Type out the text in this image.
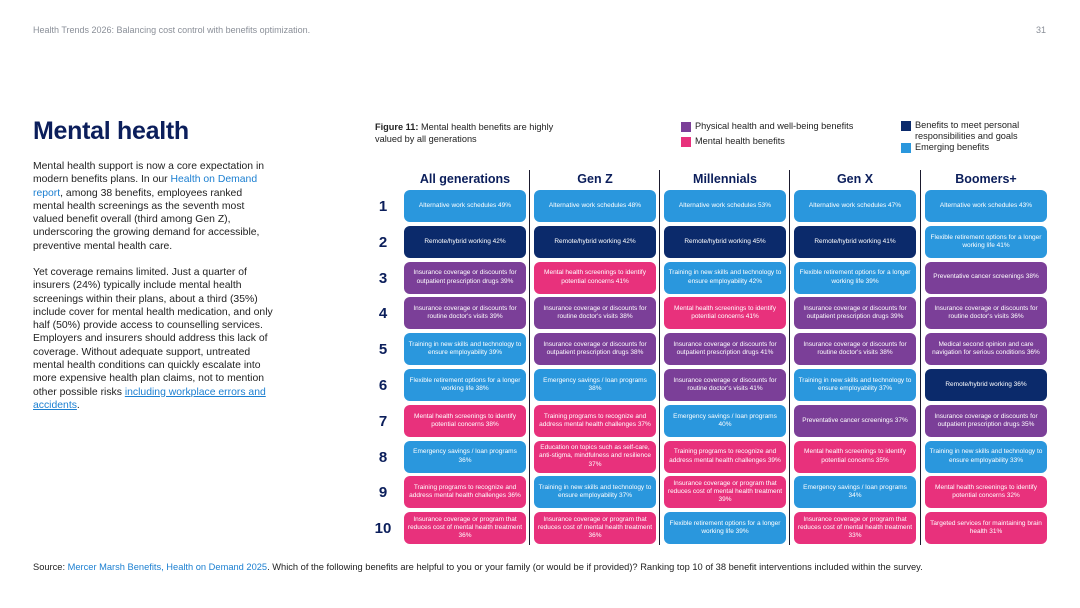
Health Trends 2026: Balancing cost control with benefits optimization.	31
Mental health
Mental health support is now a core expectation in modern benefits plans. In our Health on Demand report, among 38 benefits, employees ranked mental health screenings as the seventh most valued benefit overall (third among Gen Z), underscoring the growing demand for accessible, preventive mental health care.
Yet coverage remains limited. Just a quarter of insurers (24%) typically include mental health screenings within their plans, about a third (35%) include cover for mental health medication, and only half (50%) provide access to counselling services. Employers and insurers should address this lack of coverage. Without adequate support, untreated mental health conditions can quickly escalate into more expensive health plan claims, not to mention other possible risks including workplace errors and accidents.
Figure 11: Mental health benefits are highly valued by all generations
Physical health and well-being benefits
Mental health benefits
Benefits to meet personal responsibilities and goals
Emerging benefits
1
2
3
4
5
6
7
8
9
10
All generations
Alternative work schedules 49%
Remote/hybrid working 42%
Insurance coverage or discounts for outpatient prescription drugs 39%
Insurance coverage or discounts for routine doctor's visits 39%
Training in new skills and technology to ensure employability 39%
Flexible retirement options for a longer working life 38%
Mental health screenings to identify potential concerns 38%
Emergency savings / loan programs 36%
Training programs to recognize and address mental health challenges 36%
Insurance coverage or program that reduces cost of mental health treatment 36%
Gen Z
Alternative work schedules 48%
Remote/hybrid working 42%
Mental health screenings to identify potential concerns 41%
Insurance coverage or discounts for routine doctor's visits 38%
Insurance coverage or discounts for outpatient prescription drugs 38%
Emergency savings / loan programs 38%
Training programs to recognize and address mental health challenges 37%
Education on topics such as self-care, anti-stigma, mindfulness and resilience 37%
Training in new skills and technology to ensure employability 37%
Insurance coverage or program that reduces cost of mental health treatment 36%
Millennials
Alternative work schedules 53%
Remote/hybrid working 45%
Training in new skills and technology to ensure employability 42%
Mental health screenings to identify potential concerns 41%
Insurance coverage or discounts for outpatient prescription drugs 41%
Insurance coverage or discounts for routine doctor's visits 41%
Emergency savings / loan programs 40%
Training programs to recognize and address mental health challenges 39%
Insurance coverage or program that reduces cost of mental health treatment 39%
Flexible retirement options for a longer working life 39%
Gen X
Alternative work schedules 47%
Remote/hybrid working 41%
Flexible retirement options for a longer working life 39%
Insurance coverage or discounts for outpatient prescription drugs 39%
Insurance coverage or discounts for routine doctor's visits 38%
Training in new skills and technology to ensure employability 37%
Preventative cancer screenings 37%
Mental health screenings to identify potential concerns 35%
Emergency savings / loan programs 34%
Insurance coverage or program that reduces cost of mental health treatment 33%
Boomers+
Alternative work schedules 43%
Flexible retirement options for a longer working life 41%
Preventative cancer screenings 38%
Insurance coverage or discounts for routine doctor's visits 36%
Medical second opinion and care navigation for serious conditions 36%
Remote/hybrid working 36%
Insurance coverage or discounts for outpatient prescription drugs 35%
Training in new skills and technology to ensure employability 33%
Mental health screenings to identify potential concerns 32%
Targeted services for maintaining brain health 31%
Source: Mercer Marsh Benefits, Health on Demand 2025. Which of the following benefits are helpful to you or your family (or would be if provided)? Ranking top 10 of 38 benefit interventions included within the survey.
